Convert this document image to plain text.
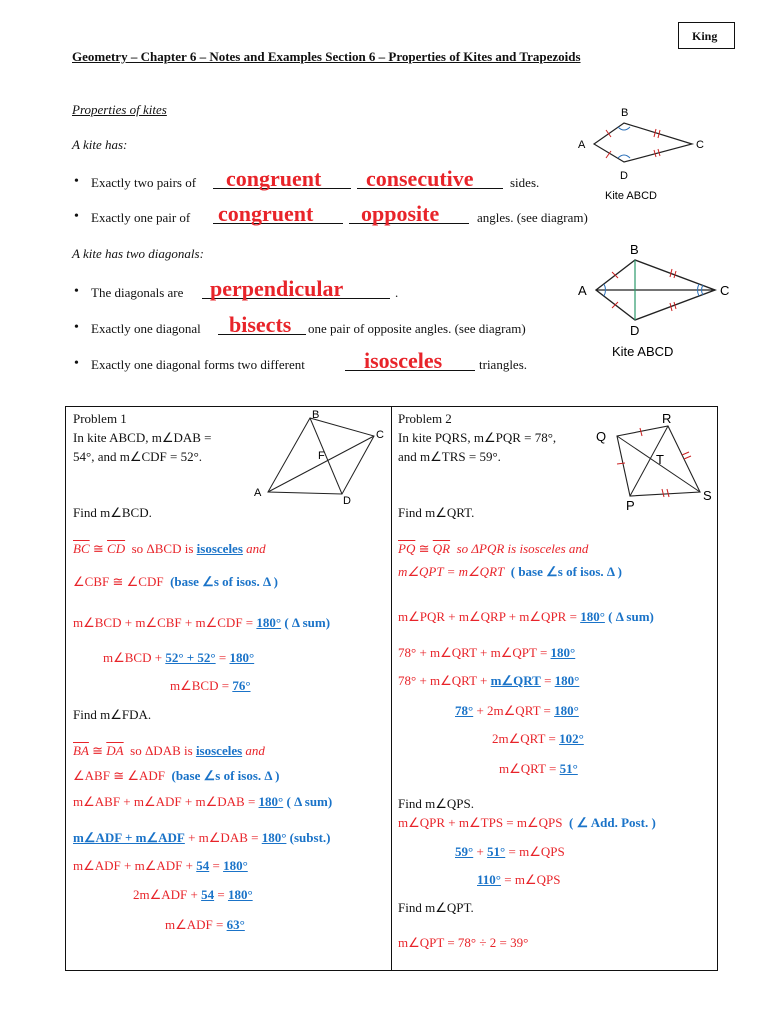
King
Geometry – Chapter 6 – Notes and Examples Section 6 – Properties of Kites and Trapezoids
Properties of kites
A kite has:
• Exactly two pairs of congruent consecutive	sides.
• Exactly one pair of congruent opposite	angles. (see diagram)
A kite has two diagonals:
• The diagonals are perpendicular	.
• Exactly one diagonal bisects one pair of opposite angles. (see diagram)
• Exactly one diagonal forms two different	isosceles	triangles.
B
A	C
D
Kite ABCD
B
A	C
D
Kite ABCD
Problem 1
In kite ABCD, m∠DAB =
54°, and m∠CDF = 52°.
B
C
F
A
D
Find m∠BCD.
$\overline{BC}$ ≅ $\overline{CD}$ so ΔBCD is isosceles and
∠CBF ≅ ∠CDF (base ∠s of isos. Δ )
m∠BCD + m∠CBF + m∠CDF = 180° ( Δ sum)
m∠BCD + 52° + 52° = 180°
m∠BCD = 76°
Find m∠FDA.
$\overline{BA}$ ≅ $\overline{DA}$ so ΔDAB is isosceles and
∠ABF ≅ ∠ADF (base ∠s of isos. Δ )
m∠ABF + m∠ADF + m∠DAB = 180° ( Δ sum)
m∠ADF + m∠ADF + m∠DAB = 180° (subst.)
m∠ADF + m∠ADF + 54 = 180°
2m∠ADF + 54 = 180°
m∠ADF = 63°
Problem 2
In kite PQRS, m∠PQR = 78°,
and m∠TRS = 59°.
R
Q
T
P
S
Find m∠QRT.
$\overline{PQ}$ ≅ $\overline{QR}$ so ΔPQR is isosceles and
m∠QPT = m∠QRT ( base ∠s of isos. Δ )
m∠PQR + m∠QRP + m∠QPR = 180° ( Δ sum)
78° + m∠QRT + m∠QPT = 180°
78° + m∠QRT + m∠QRT = 180°
78° + 2m∠QRT = 180°
2m∠QRT = 102°
m∠QRT = 51°
Find m∠QPS.
m∠QPR + m∠TPS = m∠QPS ( ∠ Add. Post. )
59° + 51° = m∠QPS
110° = m∠QPS
Find m∠QPT.
m∠QPT = 78° ÷ 2 = 39°
